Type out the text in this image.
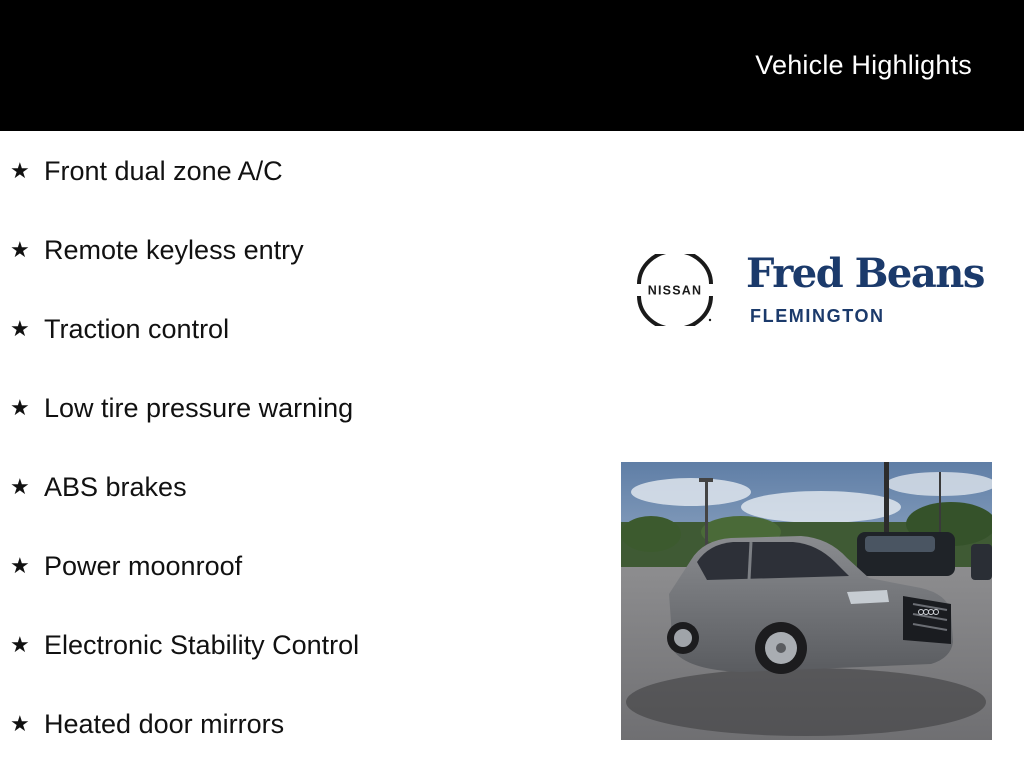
Vehicle Highlights
★ Front dual zone A/C
★ Remote keyless entry
★ Traction control
★ Low tire pressure warning
★ ABS brakes
★ Power moonroof
★ Electronic Stability Control
★ Heated door mirrors
NISSAN Fred Beans
FLEMINGTON
